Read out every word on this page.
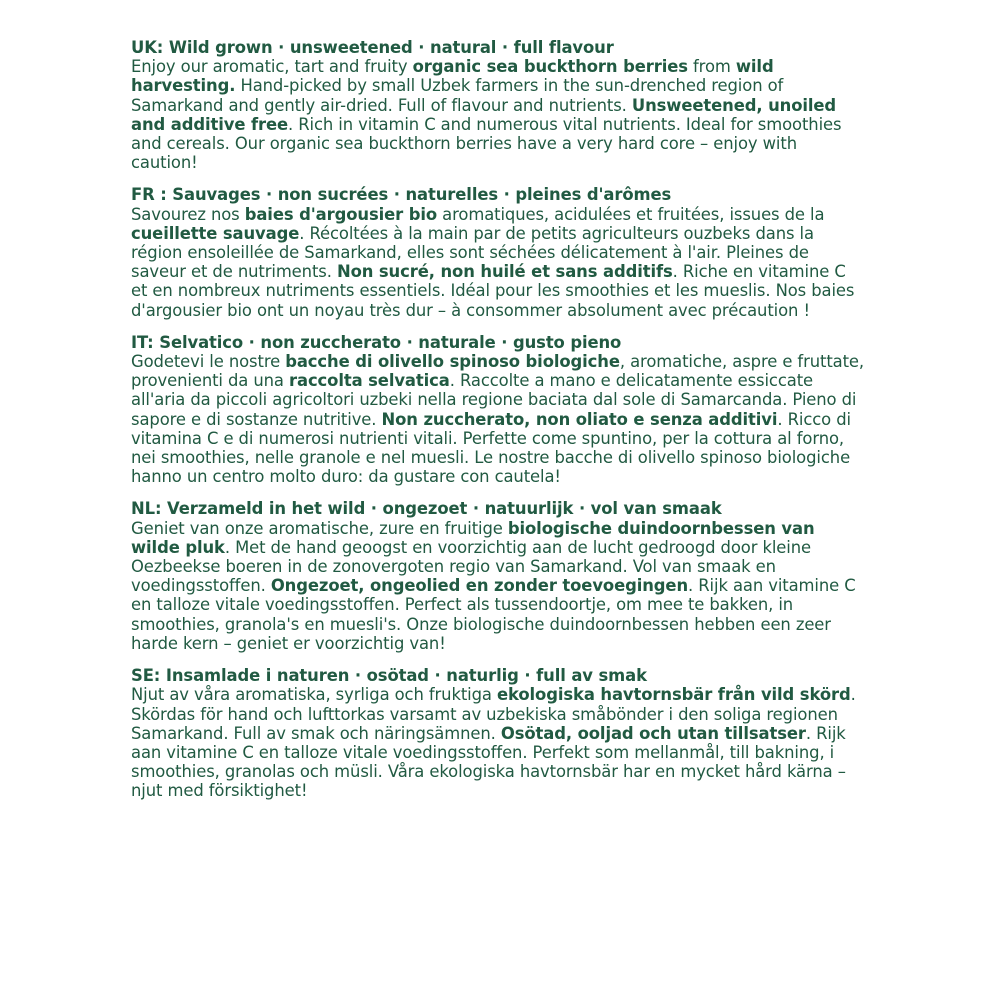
UK: Wild grown · unsweetened · natural · full flavour
Enjoy our aromatic, tart and fruity organic sea buckthorn berries from wild harvesting. Hand-picked by small Uzbek farmers in the sun-drenched region of Samarkand and gently air-dried. Full of flavour and nutrients. Unsweetened, unoiled and additive free. Rich in vitamin C and numerous vital nutrients. Ideal for smoothies and cereals. Our organic sea buckthorn berries have a very hard core – enjoy with caution!
FR : Sauvages · non sucrées · naturelles · pleines d'arômes
Savourez nos baies d'argousier bio aromatiques, acidulées et fruitées, issues de la cueillette sauvage. Récoltées à la main par de petits agriculteurs ouzbeks dans la région ensoleillée de Samarkand, elles sont séchées délicatement à l'air. Pleines de saveur et de nutriments. Non sucré, non huilé et sans additifs. Riche en vitamine C et en nombreux nutriments essentiels. Idéal pour les smoothies et les mueslis. Nos baies d'argousier bio ont un noyau très dur – à consommer absolument avec précaution !
IT: Selvatico · non zuccherato · naturale · gusto pieno
Godetevi le nostre bacche di olivello spinoso biologiche, aromatiche, aspre e fruttate, provenienti da una raccolta selvatica. Raccolte a mano e delicatamente essiccate all'aria da piccoli agricoltori uzbeki nella regione baciata dal sole di Samarcanda. Pieno di sapore e di sostanze nutritive. Non zuccherato, non oliato e senza additivi. Ricco di vitamina C e di numerosi nutrienti vitali. Perfette come spuntino, per la cottura al forno, nei smoothies, nelle granole e nel muesli. Le nostre bacche di olivello spinoso biologiche hanno un centro molto duro: da gustare con cautela!
NL: Verzameld in het wild · ongezoet · natuurlijk · vol van smaak
Geniet van onze aromatische, zure en fruitige biologische duindoornbessen van wilde pluk. Met de hand geoogst en voorzichtig aan de lucht gedroogd door kleine Oezbeekse boeren in de zonovergoten regio van Samarkand. Vol van smaak en voedingsstoffen. Ongezoet, ongeolied en zonder toevoegingen. Rijk aan vitamine C en talloze vitale voedingsstoffen. Perfect als tussendoortje, om mee te bakken, in smoothies, granola's en muesli's. Onze biologische duindoornbessen hebben een zeer harde kern – geniet er voorzichtig van!
SE: Insamlade i naturen · osötad · naturlig · full av smak
Njut av våra aromatiska, syrliga och fruktiga ekologiska havtornsbär från vild skörd. Skördas för hand och lufttorkas varsamt av uzbekiska småbönder i den soliga regionen Samarkand. Full av smak och näringsämnen. Osötad, ooljad och utan tillsatser. Rijk aan vitamine C en talloze vitale voedingsstoffen. Perfekt som mellanmål, till bakning, i smoothies, granolas och müsli. Våra ekologiska havtornsbär har en mycket hård kärna – njut med försiktighet!
